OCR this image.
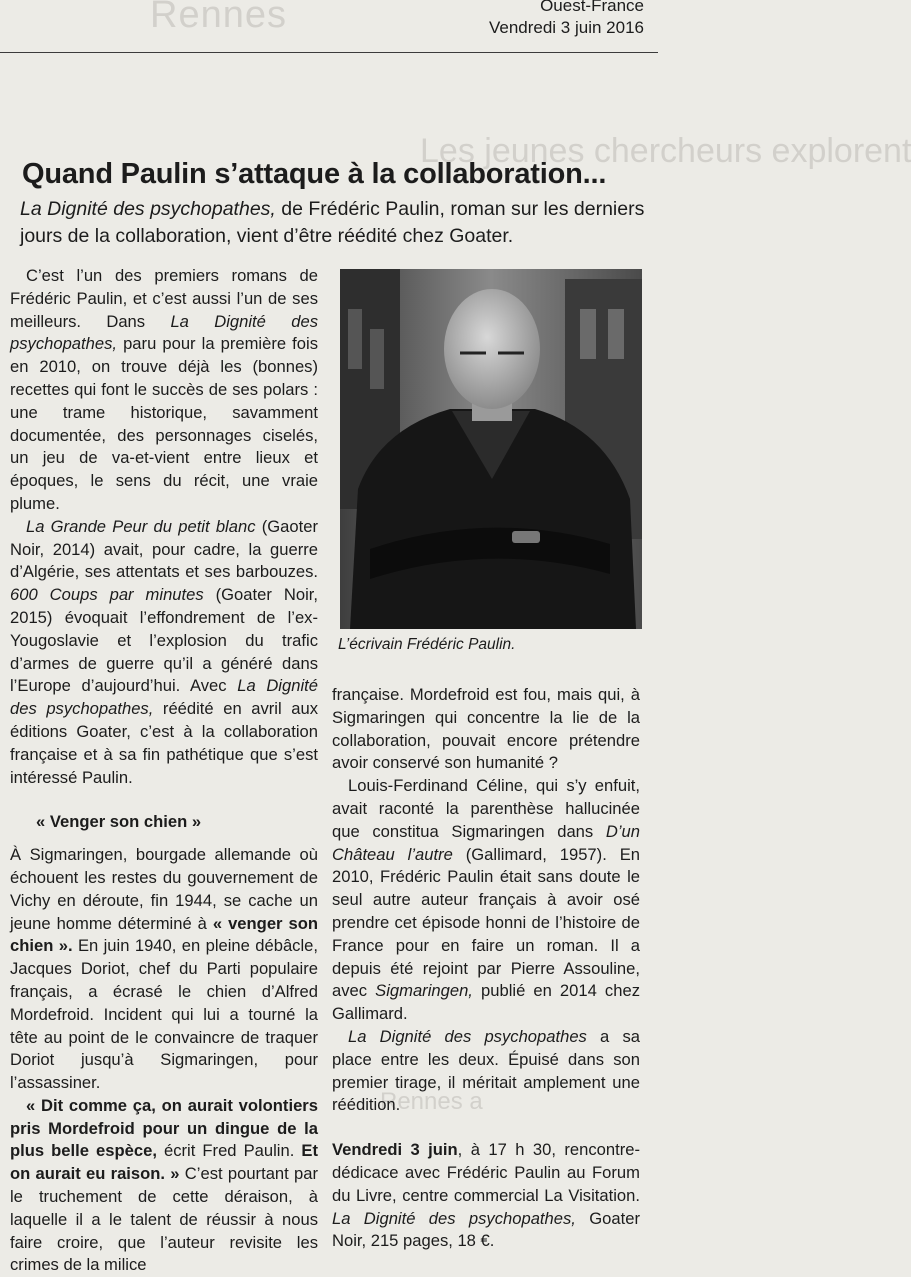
Rennes
Les jeunes chercheurs explorent
Rennes a
Ouest-France
Vendredi 3 juin 2016
Quand Paulin s’attaque à la collaboration...
La Dignité des psychopathes, de Frédéric Paulin, roman sur les derniers jours de la collaboration, vient d’être réédité chez Goater.
L’écrivain Frédéric Paulin.

C’est l’un des premiers romans de Frédéric Paulin, et c’est aussi l’un de ses meilleurs. Dans La Dignité des psychopathes, paru pour la première fois en 2010, on trouve déjà les (bonnes) recettes qui font le succès de ses polars : une trame historique, savamment documentée, des personnages ciselés, un jeu de va-et-vient entre lieux et époques, le sens du récit, une vraie plume.

La Grande Peur du petit blanc (Gaoter Noir, 2014) avait, pour cadre, la guerre d’Algérie, ses attentats et ses barbouzes. 600 Coups par minutes (Goater Noir, 2015) évoquait l’effondrement de l’ex-Yougoslavie et l’explosion du trafic d’armes de guerre qu’il a généré dans l’Europe d’aujourd’hui. Avec La Dignité des psychopathes, réédité en avril aux éditions Goater, c’est à la collaboration française et à sa fin pathétique que s’est intéressé Paulin.

« Venger son chien »

À Sigmaringen, bourgade allemande où échouent les restes du gouvernement de Vichy en déroute, fin 1944, se cache un jeune homme déterminé à « venger son chien ». En juin 1940, en pleine débâcle, Jacques Doriot, chef du Parti populaire français, a écrasé le chien d’Alfred Mordefroid. Incident qui lui a tourné la tête au point de le convaincre de traquer Doriot jusqu’à Sigmaringen, pour l’assassiner.

« Dit comme ça, on aurait volontiers pris Mordefroid pour un dingue de la plus belle espèce, écrit Fred Paulin. Et on aurait eu raison. » C’est pourtant par le truchement de cette déraison, à laquelle il a le talent de réussir à nous faire croire, que l’auteur revisite les crimes de la milice

française. Mordefroid est fou, mais qui, à Sigmaringen qui concentre la lie de la collaboration, pouvait encore prétendre avoir conservé son humanité ?

Louis-Ferdinand Céline, qui s’y enfuit, avait raconté la parenthèse hallucinée que constitua Sigmaringen dans D’un Château l’autre (Gallimard, 1957). En 2010, Frédéric Paulin était sans doute le seul autre auteur français à avoir osé prendre cet épisode honni de l’histoire de France pour en faire un roman. Il a depuis été rejoint par Pierre Assouline, avec Sigmaringen, publié en 2014 chez Gallimard.

La Dignité des psychopathes a sa place entre les deux. Épuisé dans son premier tirage, il méritait amplement une réédition.

Vendredi 3 juin, à 17 h 30, rencontre-dédicace avec Frédéric Paulin au Forum du Livre, centre commercial La Visitation. La Dignité des psychopathes, Goater Noir, 215 pages, 18 €.
